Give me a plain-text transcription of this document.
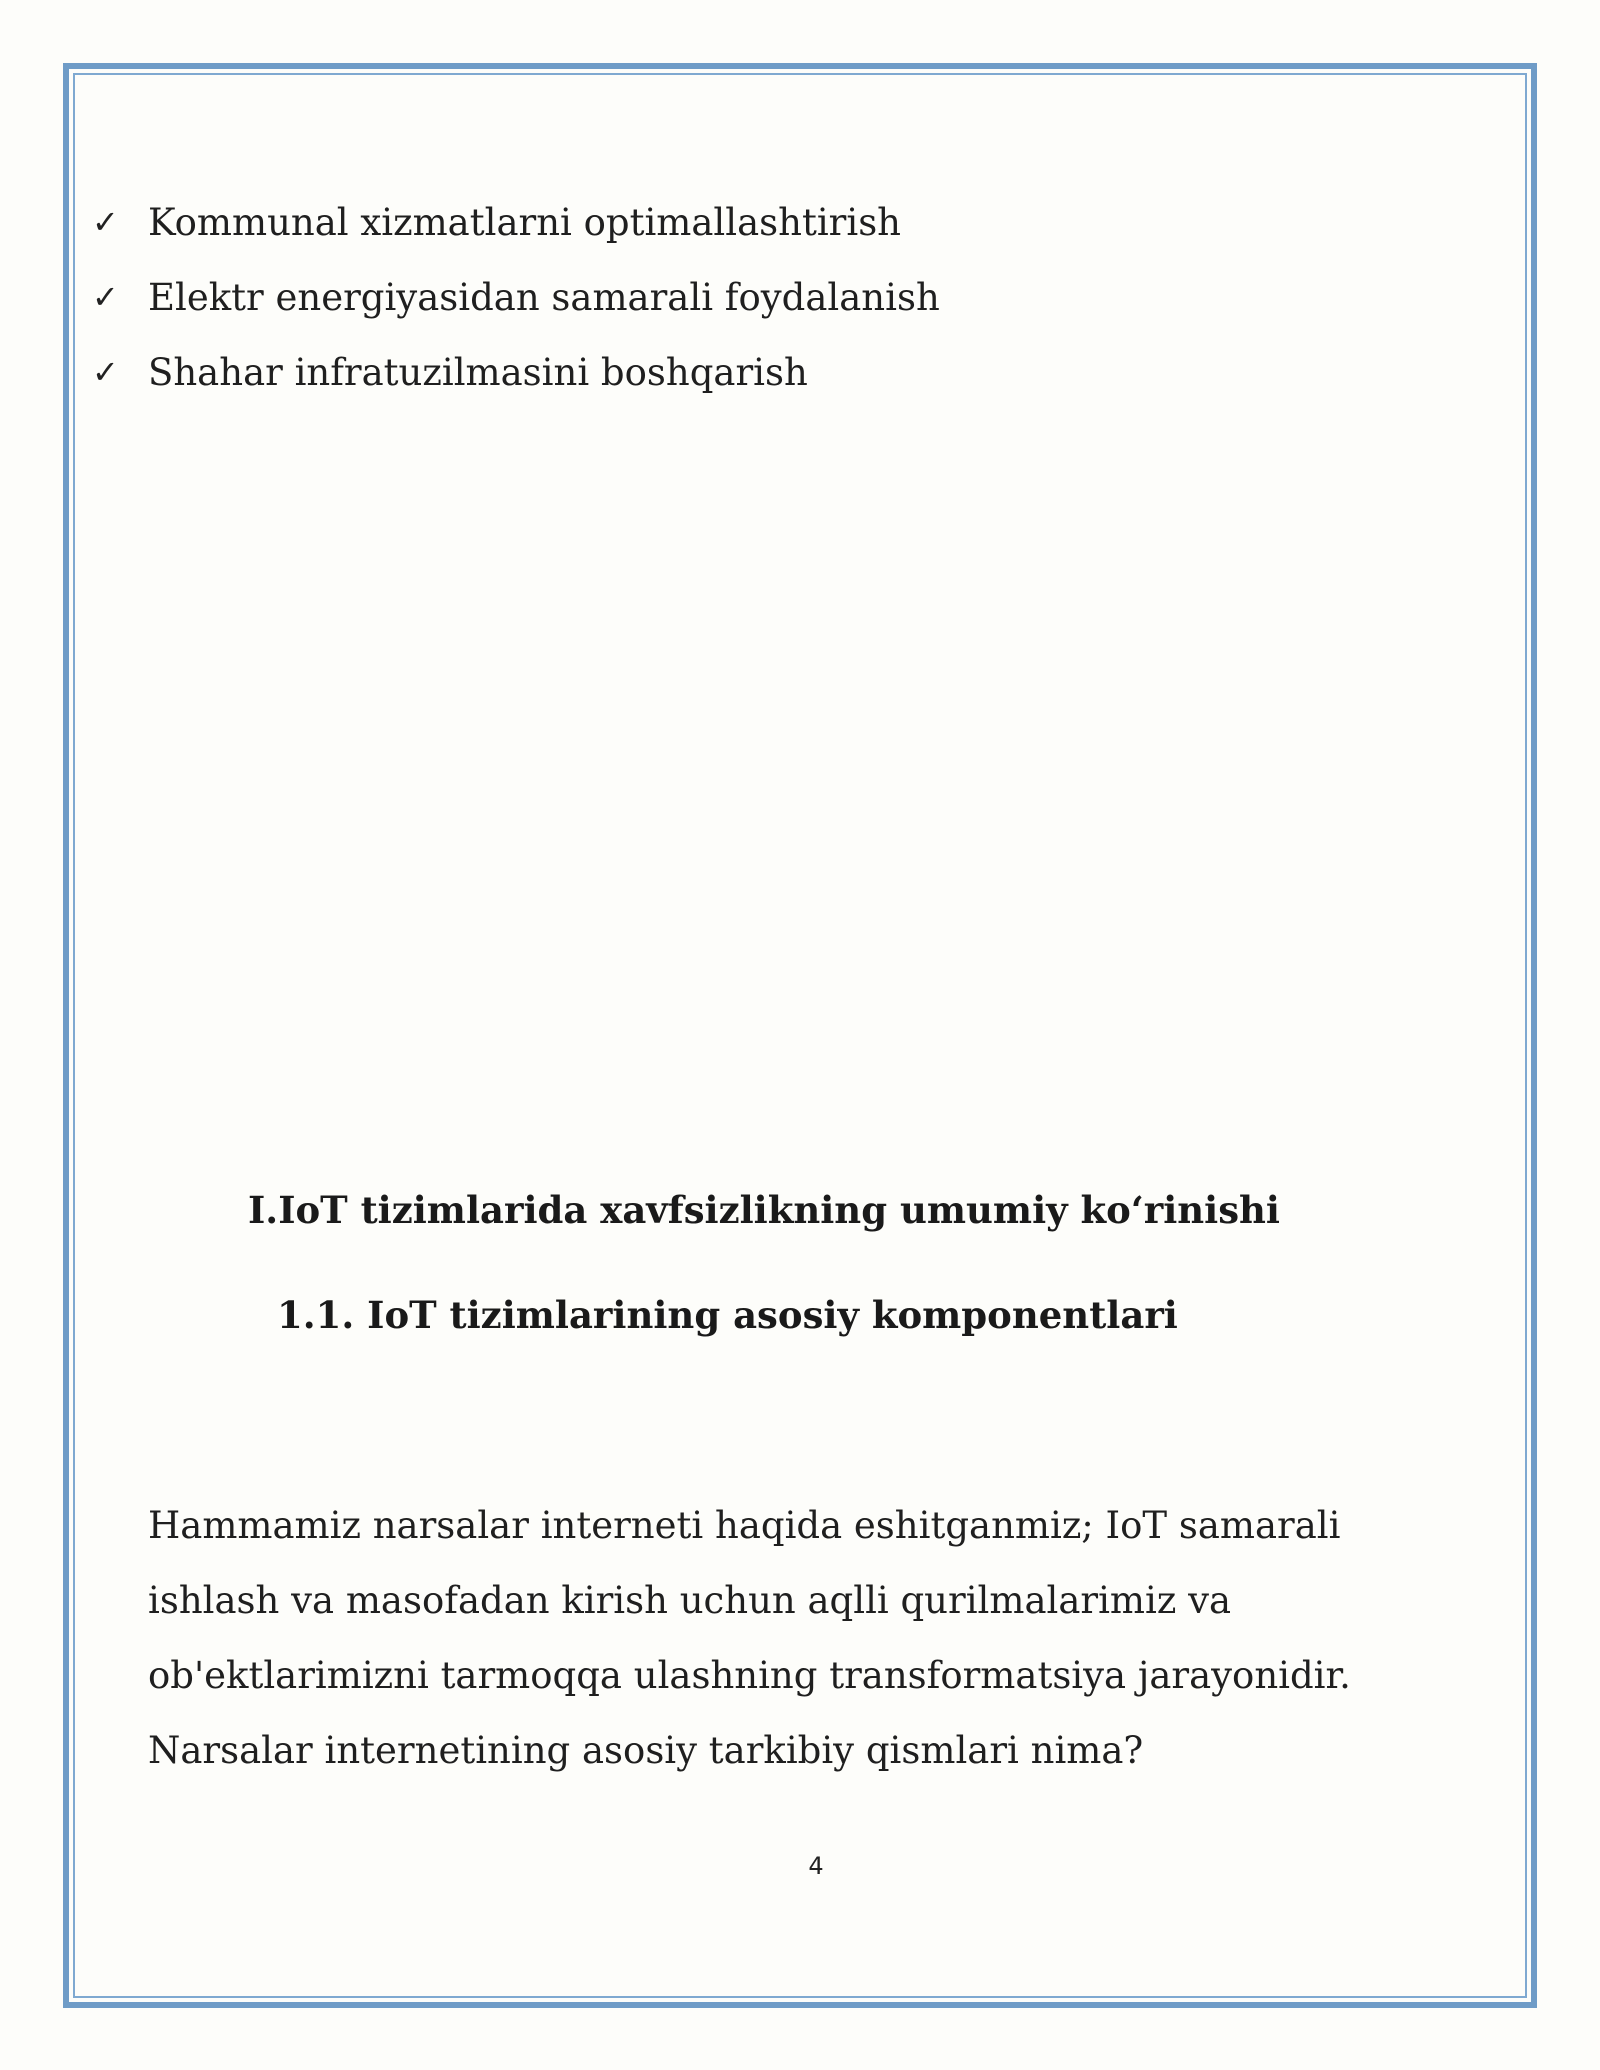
✓ Kommunal xizmatlarni optimallashtirish
✓ Elektr energiyasidan samarali foydalanish
✓ Shahar infratuzilmasini boshqarish
I.IoT tizimlarida xavfsizlikning umumiy ko‘rinishi
1.1. IoT tizimlarining asosiy komponentlari

Hammamiz narsalar interneti haqida eshitganmiz; IoT samarali ishlash va masofadan kirish uchun aqlli qurilmalarimiz va ob'ektlarimizni tarmoqqa ulashning transformatsiya jarayonidir. Narsalar internetining asosiy tarkibiy qismlari nima?

4
